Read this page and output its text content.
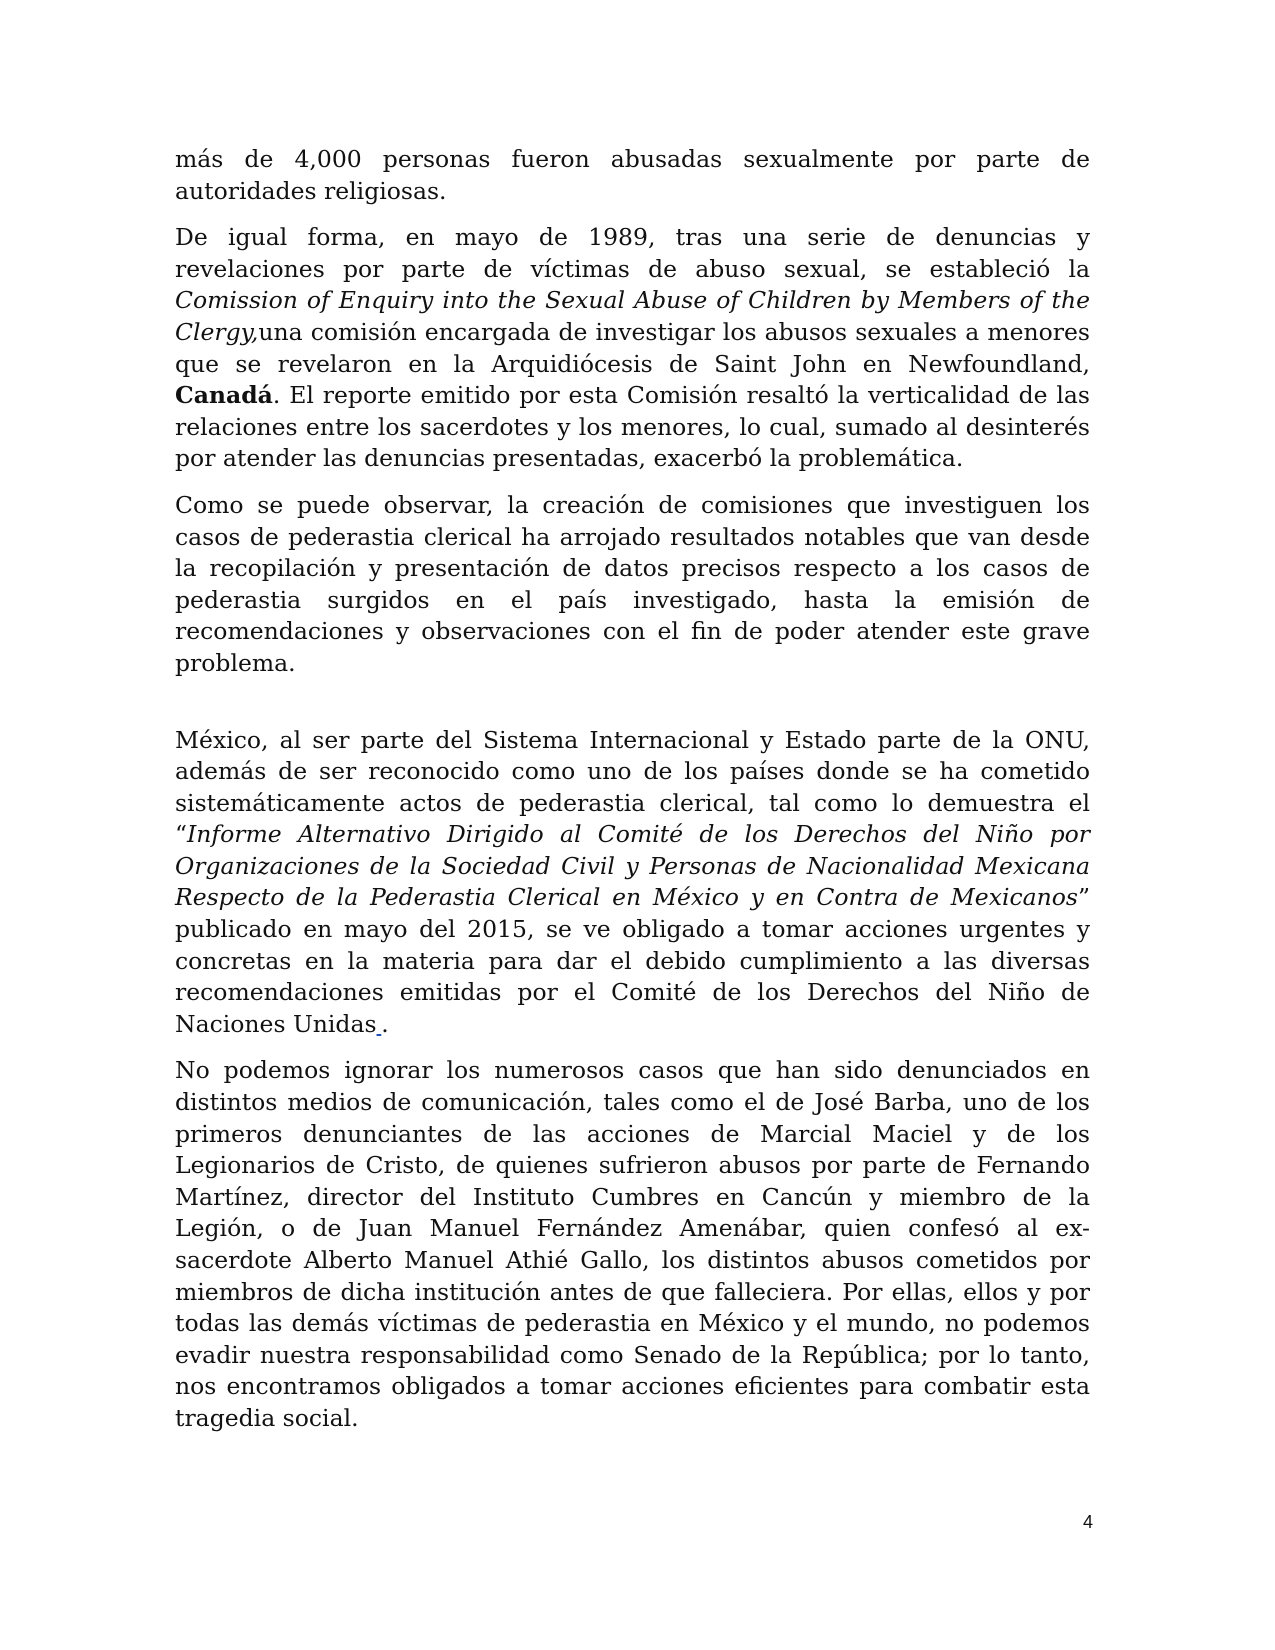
más de 4,000 personas fueron abusadas sexualmente por parte de autoridades religiosas.

De igual forma, en mayo de 1989, tras una serie de denuncias y revelaciones por parte de víctimas de abuso sexual, se estableció la Comission of Enquiry into the Sexual Abuse of Children by Members of the Clergy,una comisión encargada de investigar los abusos sexuales a menores que se revelaron en la Arquidiócesis de Saint John en Newfoundland, Canadá. El reporte emitido por esta Comisión resaltó la verticalidad de las relaciones entre los sacerdotes y los menores, lo cual, sumado al desinterés por atender las denuncias presentadas, exacerbó la problemática.

Como se puede observar, la creación de comisiones que investiguen los casos de pederastia clerical ha arrojado resultados notables que van desde la recopilación y presentación de datos precisos respecto a los casos de pederastia surgidos en el país investigado, hasta la emisión de recomendaciones y observaciones con el fin de poder atender este grave problema.

México, al ser parte del Sistema Internacional y Estado parte de la ONU, además de ser reconocido como uno de los países donde se ha cometido sistemáticamente actos de pederastia clerical, tal como lo demuestra el “Informe Alternativo Dirigido al Comité de los Derechos del Niño por Organizaciones de la Sociedad Civil y Personas de Nacionalidad Mexicana Respecto de la Pederastia Clerical en México y en Contra de Mexicanos” publicado en mayo del 2015, se ve obligado a tomar acciones urgentes y concretas en la materia para dar el debido cumplimiento a las diversas recomendaciones emitidas por el Comité de los Derechos del Niño de Naciones Unidas  .

No podemos ignorar los numerosos casos que han sido denunciados en distintos medios de comunicación, tales como el de José Barba, uno de los primeros denunciantes de las acciones de Marcial Maciel y de los Legionarios de Cristo, de quienes sufrieron abusos por parte de Fernando Martínez, director del Instituto Cumbres en Cancún y miembro de la Legión, o de Juan Manuel Fernández Amenábar, quien confesó al ex-sacerdote Alberto Manuel Athié Gallo, los distintos abusos cometidos por miembros de dicha institución antes de que falleciera. Por ellas, ellos y por todas las demás víctimas de pederastia en México y el mundo, no podemos evadir nuestra responsabilidad como Senado de la República; por lo tanto, nos encontramos obligados a tomar acciones eficientes para combatir esta tragedia social.

4
